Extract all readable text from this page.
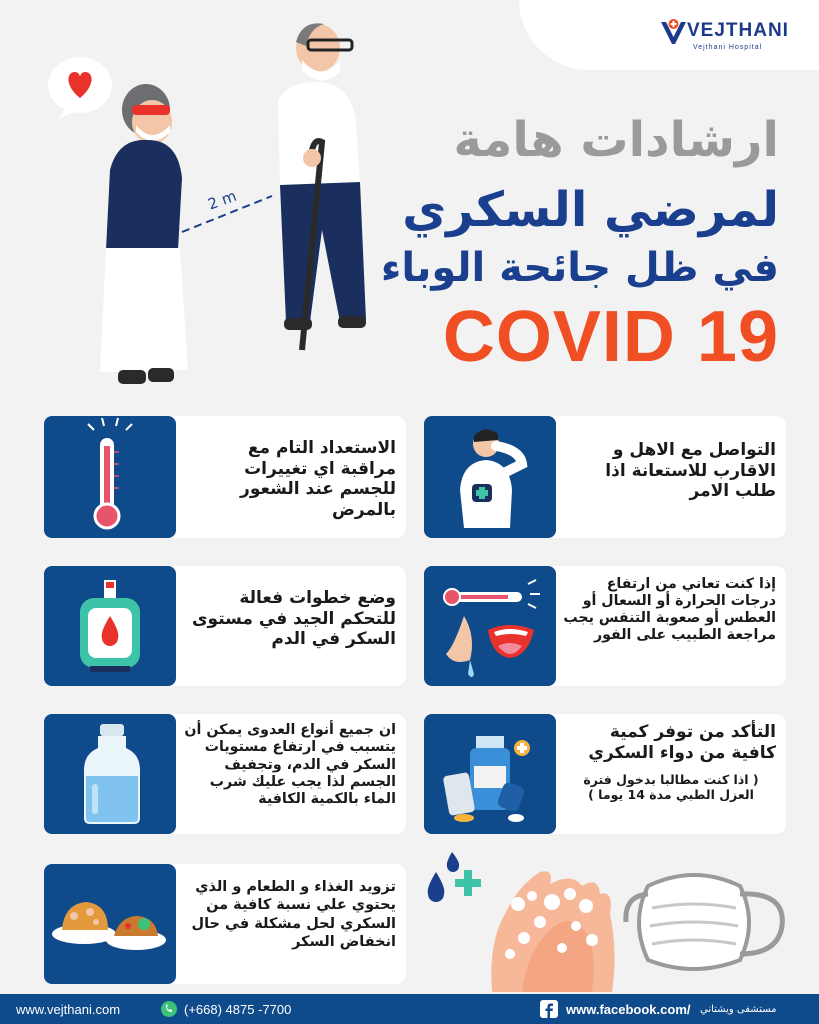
VEJTHANI
Vejthani Hospital
2 m
ارشادات هامة
لمرضي السكري
في ظل جائحة الوباء
COVID 19
الاستعداد التام مع مراقبة اي تغييرات للجسم عند الشعور بالمرض
التواصل مع الاهل و الاقارب للاستعانة اذا طلب الامر
وضع خطوات فعالة للتحكم الجيد في مستوى السكر في الدم
إذا كنت تعاني من ارتفاع درجات الحرارة أو السعال أو العطس أو صعوبة التنفس يجب مراجعة الطبيب على الفور
ان جميع أنواع العدوى يمكن أن يتسبب في ارتفاع مستويات السكر في الدم، وتجفيف الجسم لذا يجب عليك شرب الماء بالكمية الكافية
التأكد من توفر كمية كافية من دواء السكري
( اذا كنت مطالبا بدخول فترة العزل الطبي مدة 14 يوما )
تزويد الغذاء و الطعام و الذي يحتوي علي نسبة كافية من السكري لحل مشكلة في حال انخفاض السكر
www.vejthani.com	(+668) 4875 -7700	www.facebook.com/ مستشفى ويشتاني
